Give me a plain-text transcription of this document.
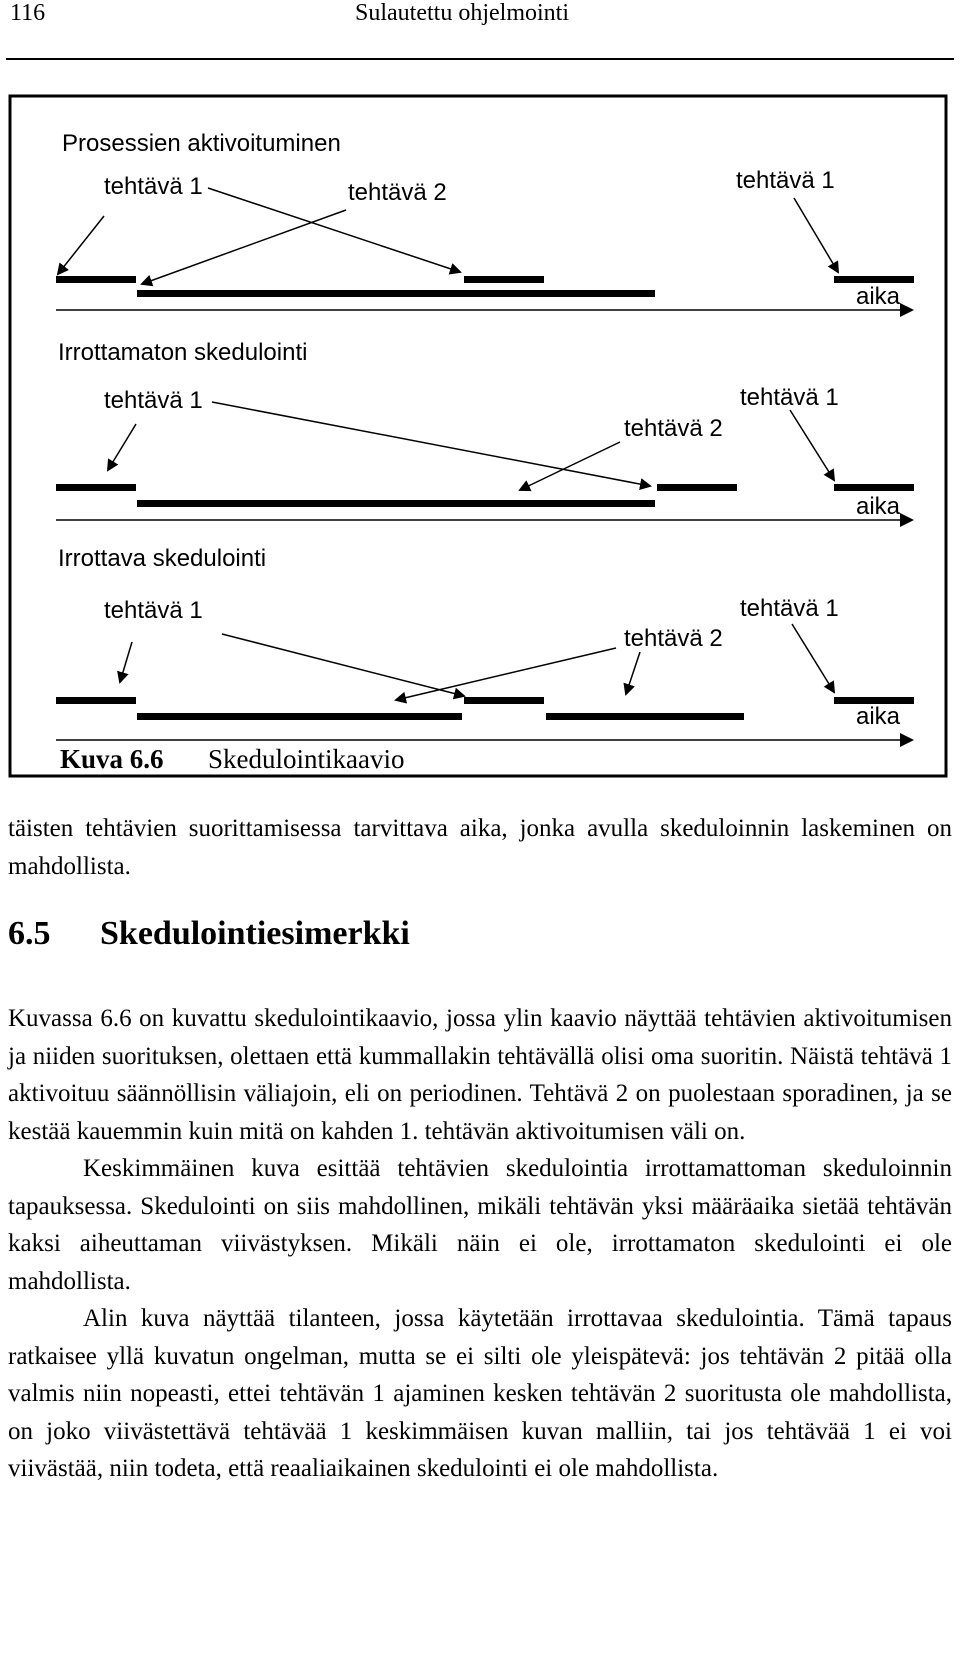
116	Sulautettu ohjelmointi
Prosessien aktivoituminen
tehtävä 1	tehtävä 2	tehtävä 1
aika
Irrottamaton skedulointi
tehtävä 1	tehtävä 1
tehtävä 2
aika
Irrottava skedulointi
tehtävä 1	tehtävä 1
tehtävä 2
aika
Kuva 6.6 Skedulointikaavio

täisten tehtävien suorittamisessa tarvittava aika, jonka avulla skeduloinnin laskeminen on mahdollista.

6.5 Skedulointiesimerkki

Kuvassa 6.6 on kuvattu skedulointikaavio, jossa ylin kaavio näyttää tehtävien aktivoitumisen ja niiden suorituksen, olettaen että kummallakin tehtävällä olisi oma suoritin. Näistä tehtävä 1 aktivoituu säännöllisin väliajoin, eli on periodinen. Tehtävä 2 on puolestaan sporadinen, ja se kestää kauemmin kuin mitä on kahden 1. tehtävän aktivoitumisen väli on.

Keskimmäinen kuva esittää tehtävien skedulointia irrottamattoman skeduloinnin tapauksessa. Skedulointi on siis mahdollinen, mikäli tehtävän yksi määräaika sietää tehtävän kaksi aiheuttaman viivästyksen. Mikäli näin ei ole, irrottamaton skedulointi ei ole mahdollista.

Alin kuva näyttää tilanteen, jossa käytetään irrottavaa skedulointia. Tämä tapaus ratkaisee yllä kuvatun ongelman, mutta se ei silti ole yleispätevä: jos tehtävän 2 pitää olla valmis niin nopeasti, ettei tehtävän 1 ajaminen kesken tehtävän 2 suoritusta ole mahdollista, on joko viivästettävä tehtävää 1 keskimmäisen kuvan malliin, tai jos tehtävää 1 ei voi viivästää, niin todeta, että reaaliaikainen skedulointi ei ole mahdollista.
